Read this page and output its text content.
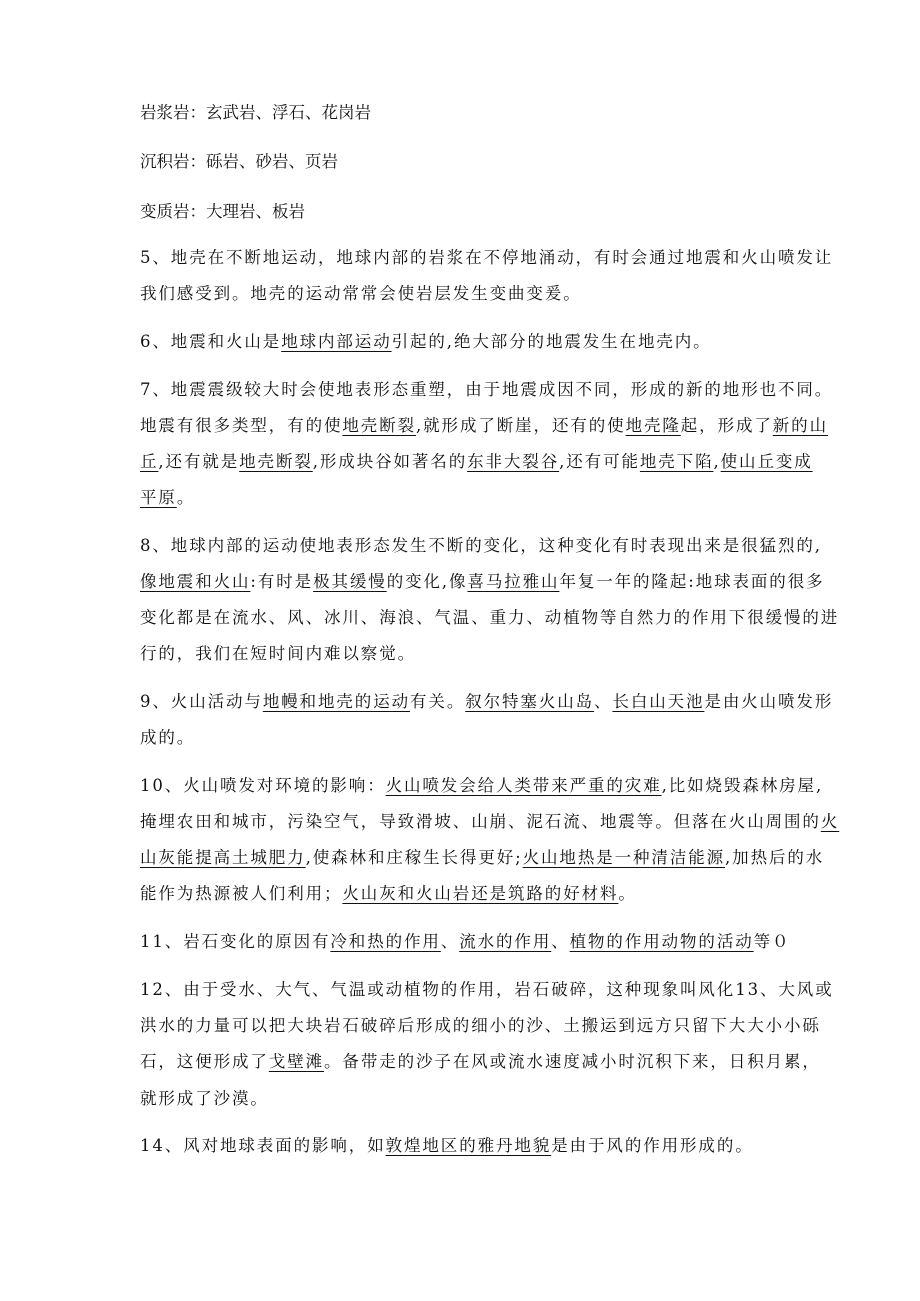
岩浆岩：玄武岩、浮石、花岗岩

沉积岩：砾岩、砂岩、页岩

变质岩：大理岩、板岩

5、地壳在不断地运动，地球内部的岩浆在不停地涌动，有时会通过地震和火山喷发让

我们感受到。地壳的运动常常会使岩层发生变曲变爰。

6、地震和火山是地球内部运动引起的,绝大部分的地震发生在地壳内。

7、地震震级较大时会使地表形态重塑，由于地震成因不同，形成的新的地形也不同。

地震有很多类型，有的使地壳断裂,就形成了断崖，还有的使地壳隆起，形成了新的山

丘,还有就是地壳断裂,形成块谷如著名的东非大裂谷,还有可能地壳下陷,使山丘变成

平原。

8、地球内部的运动使地表形态发生不断的变化，这种变化有时表现出来是很猛烈的,

像地震和火山:有时是极其缓慢的变化,像喜马拉雅山年复一年的隆起:地球表面的很多

变化都是在流水、风、冰川、海浪、气温、重力、动植物等自然力的作用下很缓慢的进

行的，我们在短时间内难以察觉。

9、火山活动与地幔和地壳的运动有关。叙尔特塞火山岛、长白山天池是由火山喷发形

成的。

10、火山喷发对环境的影响：火山喷发会给人类带来严重的灾难,比如烧毁森林房屋,

掩埋农田和城市，污染空气，导致滑坡、山崩、泥石流、地震等。但落在火山周围的火

山灰能提高土城肥力,使森林和庄稼生长得更好;火山地热是一种清洁能源,加热后的水

能作为热源被人们利用；火山灰和火山岩还是筑路的好材料。

11、岩石变化的原因有冷和热的作用、流水的作用、植物的作用动物的活动等０

12、由于受水、大气、气温或动植物的作用，岩石破碎，这种现象叫风化13、大风或

洪水的力量可以把大块岩石破碎后形成的细小的沙、土搬运到远方只留下大大小小砾

石，这便形成了戈壁滩。备带走的沙子在风或流水速度减小时沉积下来，日积月累，

就形成了沙漠。

14、风对地球表面的影响，如敦煌地区的雅丹地貌是由于风的作用形成的。
